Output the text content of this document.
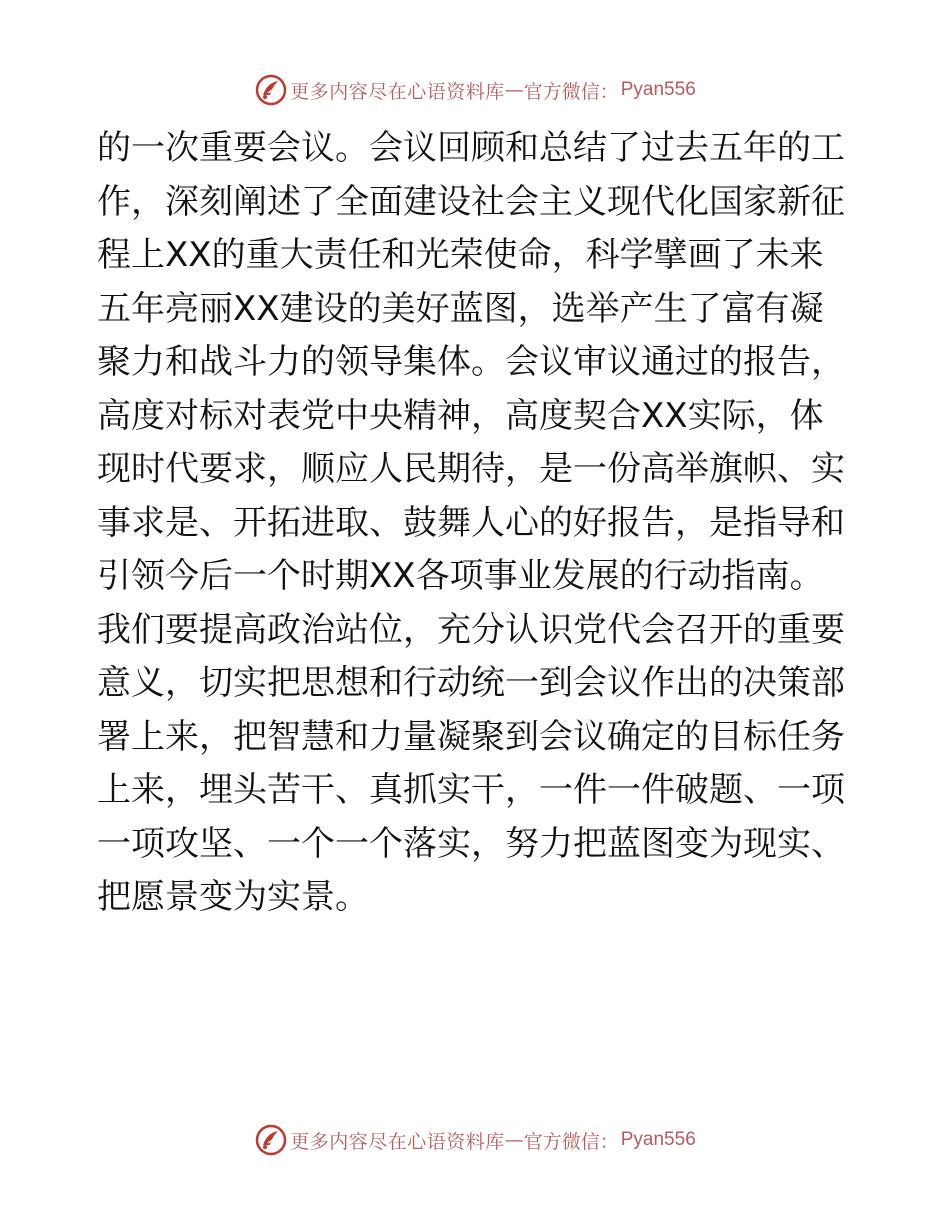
更多内容尽在心语资料库 — 官方微信： Pyan556
的一次重要会议。会议回顾和总结了过去五年的工
作，深刻阐述了全面建设社会主义现代化国家新征
程上XX的重大责任和光荣使命，科学擘画了未来
五年亮丽XX建设的美好蓝图，选举产生了富有凝
聚力和战斗力的领导集体。会议审议通过的报告，
高度对标对表党中央精神，高度契合XX实际，体
现时代要求，顺应人民期待，是一份高举旗帜、实
事求是、开拓进取、鼓舞人心的好报告，是指导和
引领今后一个时期XX各项事业发展的行动指南。
我们要提高政治站位，充分认识党代会召开的重要
意义，切实把思想和行动统一到会议作出的决策部
署上来，把智慧和力量凝聚到会议确定的目标任务
上来，埋头苦干、真抓实干，一件一件破题、一项
一项攻坚、一个一个落实，努力把蓝图变为现实、
把愿景变为实景。
更多内容尽在心语资料库 — 官方微信： Pyan556
